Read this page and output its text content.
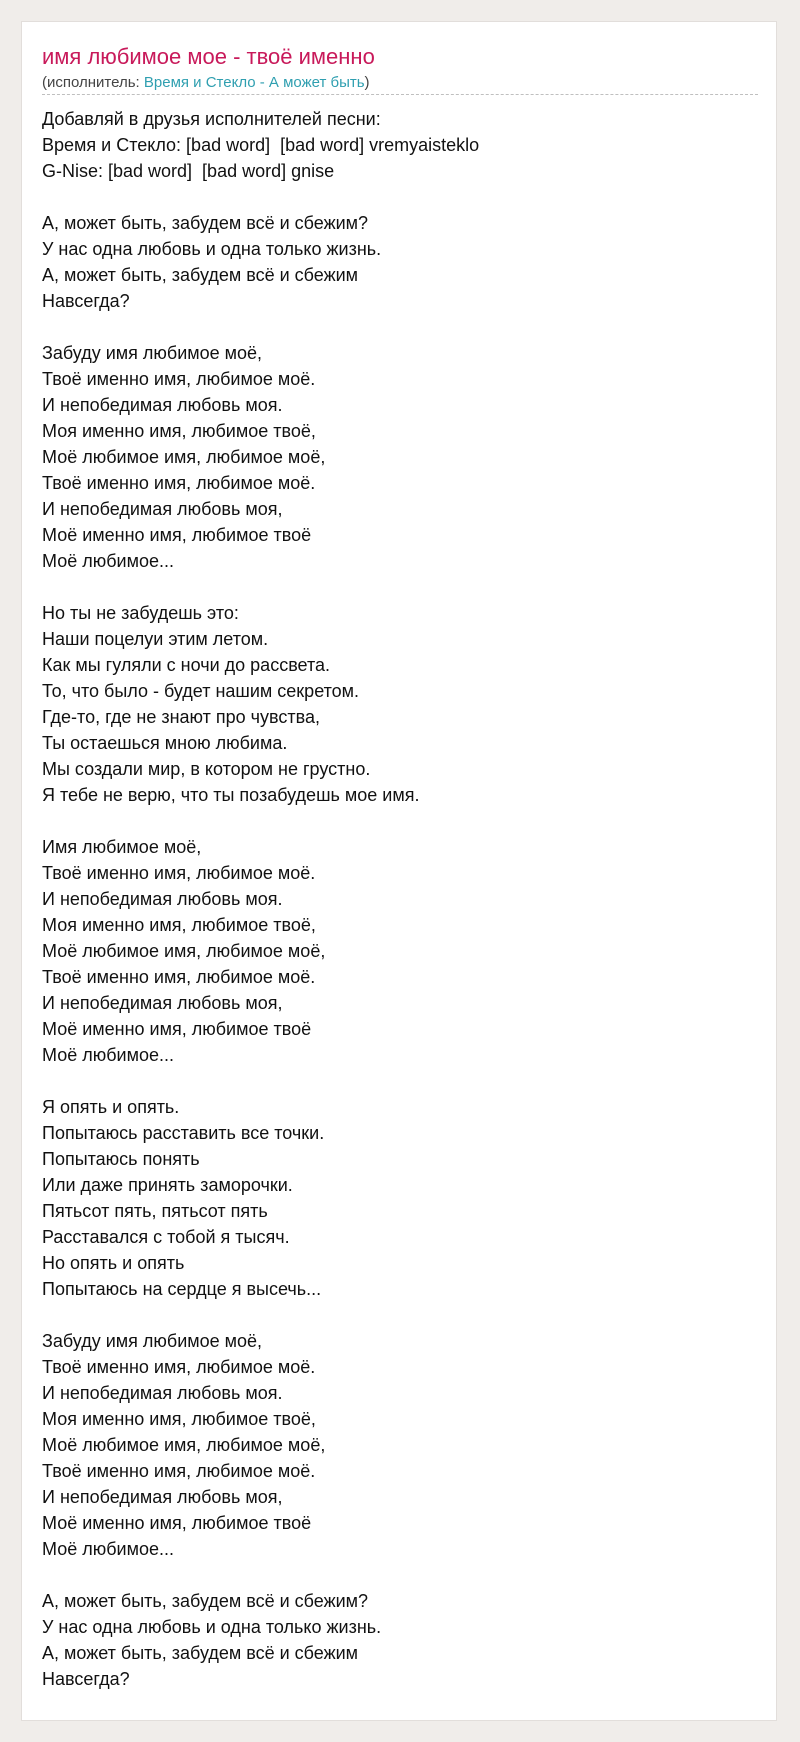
имя любимое мое - твоё именно
(исполнитель: Время и Стекло - А может быть)
Добавляй в друзья исполнителей песни:
Время и Стекло: [bad word]  [bad word] vremyaisteklo
G-Nise: [bad word]  [bad word] gnise
А, может быть, забудем всё и сбежим?
У нас одна любовь и одна только жизнь.
А, может быть, забудем всё и сбежим
Навсегда?
Забуду имя любимое моё,
Твоё именно имя, любимое моё.
И непобедимая любовь моя.
Моя именно имя, любимое твоё,
Моё любимое имя, любимое моё,
Твоё именно имя, любимое моё.
И непобедимая любовь моя,
Моё именно имя, любимое твоё
Моё любимое...
Но ты не забудешь это:
Наши поцелуи этим летом.
Как мы гуляли с ночи до рассвета.
То, что было - будет нашим секретом.
Где-то, где не знают про чувства,
Ты остаешься мною любима.
Мы создали мир, в котором не грустно.
Я тебе не верю, что ты позабудешь мое имя.
Имя любимое моё,
Твоё именно имя, любимое моё.
И непобедимая любовь моя.
Моя именно имя, любимое твоё,
Моё любимое имя, любимое моё,
Твоё именно имя, любимое моё.
И непобедимая любовь моя,
Моё именно имя, любимое твоё
Моё любимое...
Я опять и опять.
Попытаюсь расставить все точки.
Попытаюсь понять
Или даже принять заморочки.
Пятьсот пять, пятьсот пять
Расставался с тобой я тысяч.
Но опять и опять
Попытаюсь на сердце я высечь...
Забуду имя любимое моё,
Твоё именно имя, любимое моё.
И непобедимая любовь моя.
Моя именно имя, любимое твоё,
Моё любимое имя, любимое моё,
Твоё именно имя, любимое моё.
И непобедимая любовь моя,
Моё именно имя, любимое твоё
Моё любимое...
А, может быть, забудем всё и сбежим?
У нас одна любовь и одна только жизнь.
А, может быть, забудем всё и сбежим
Навсегда?
